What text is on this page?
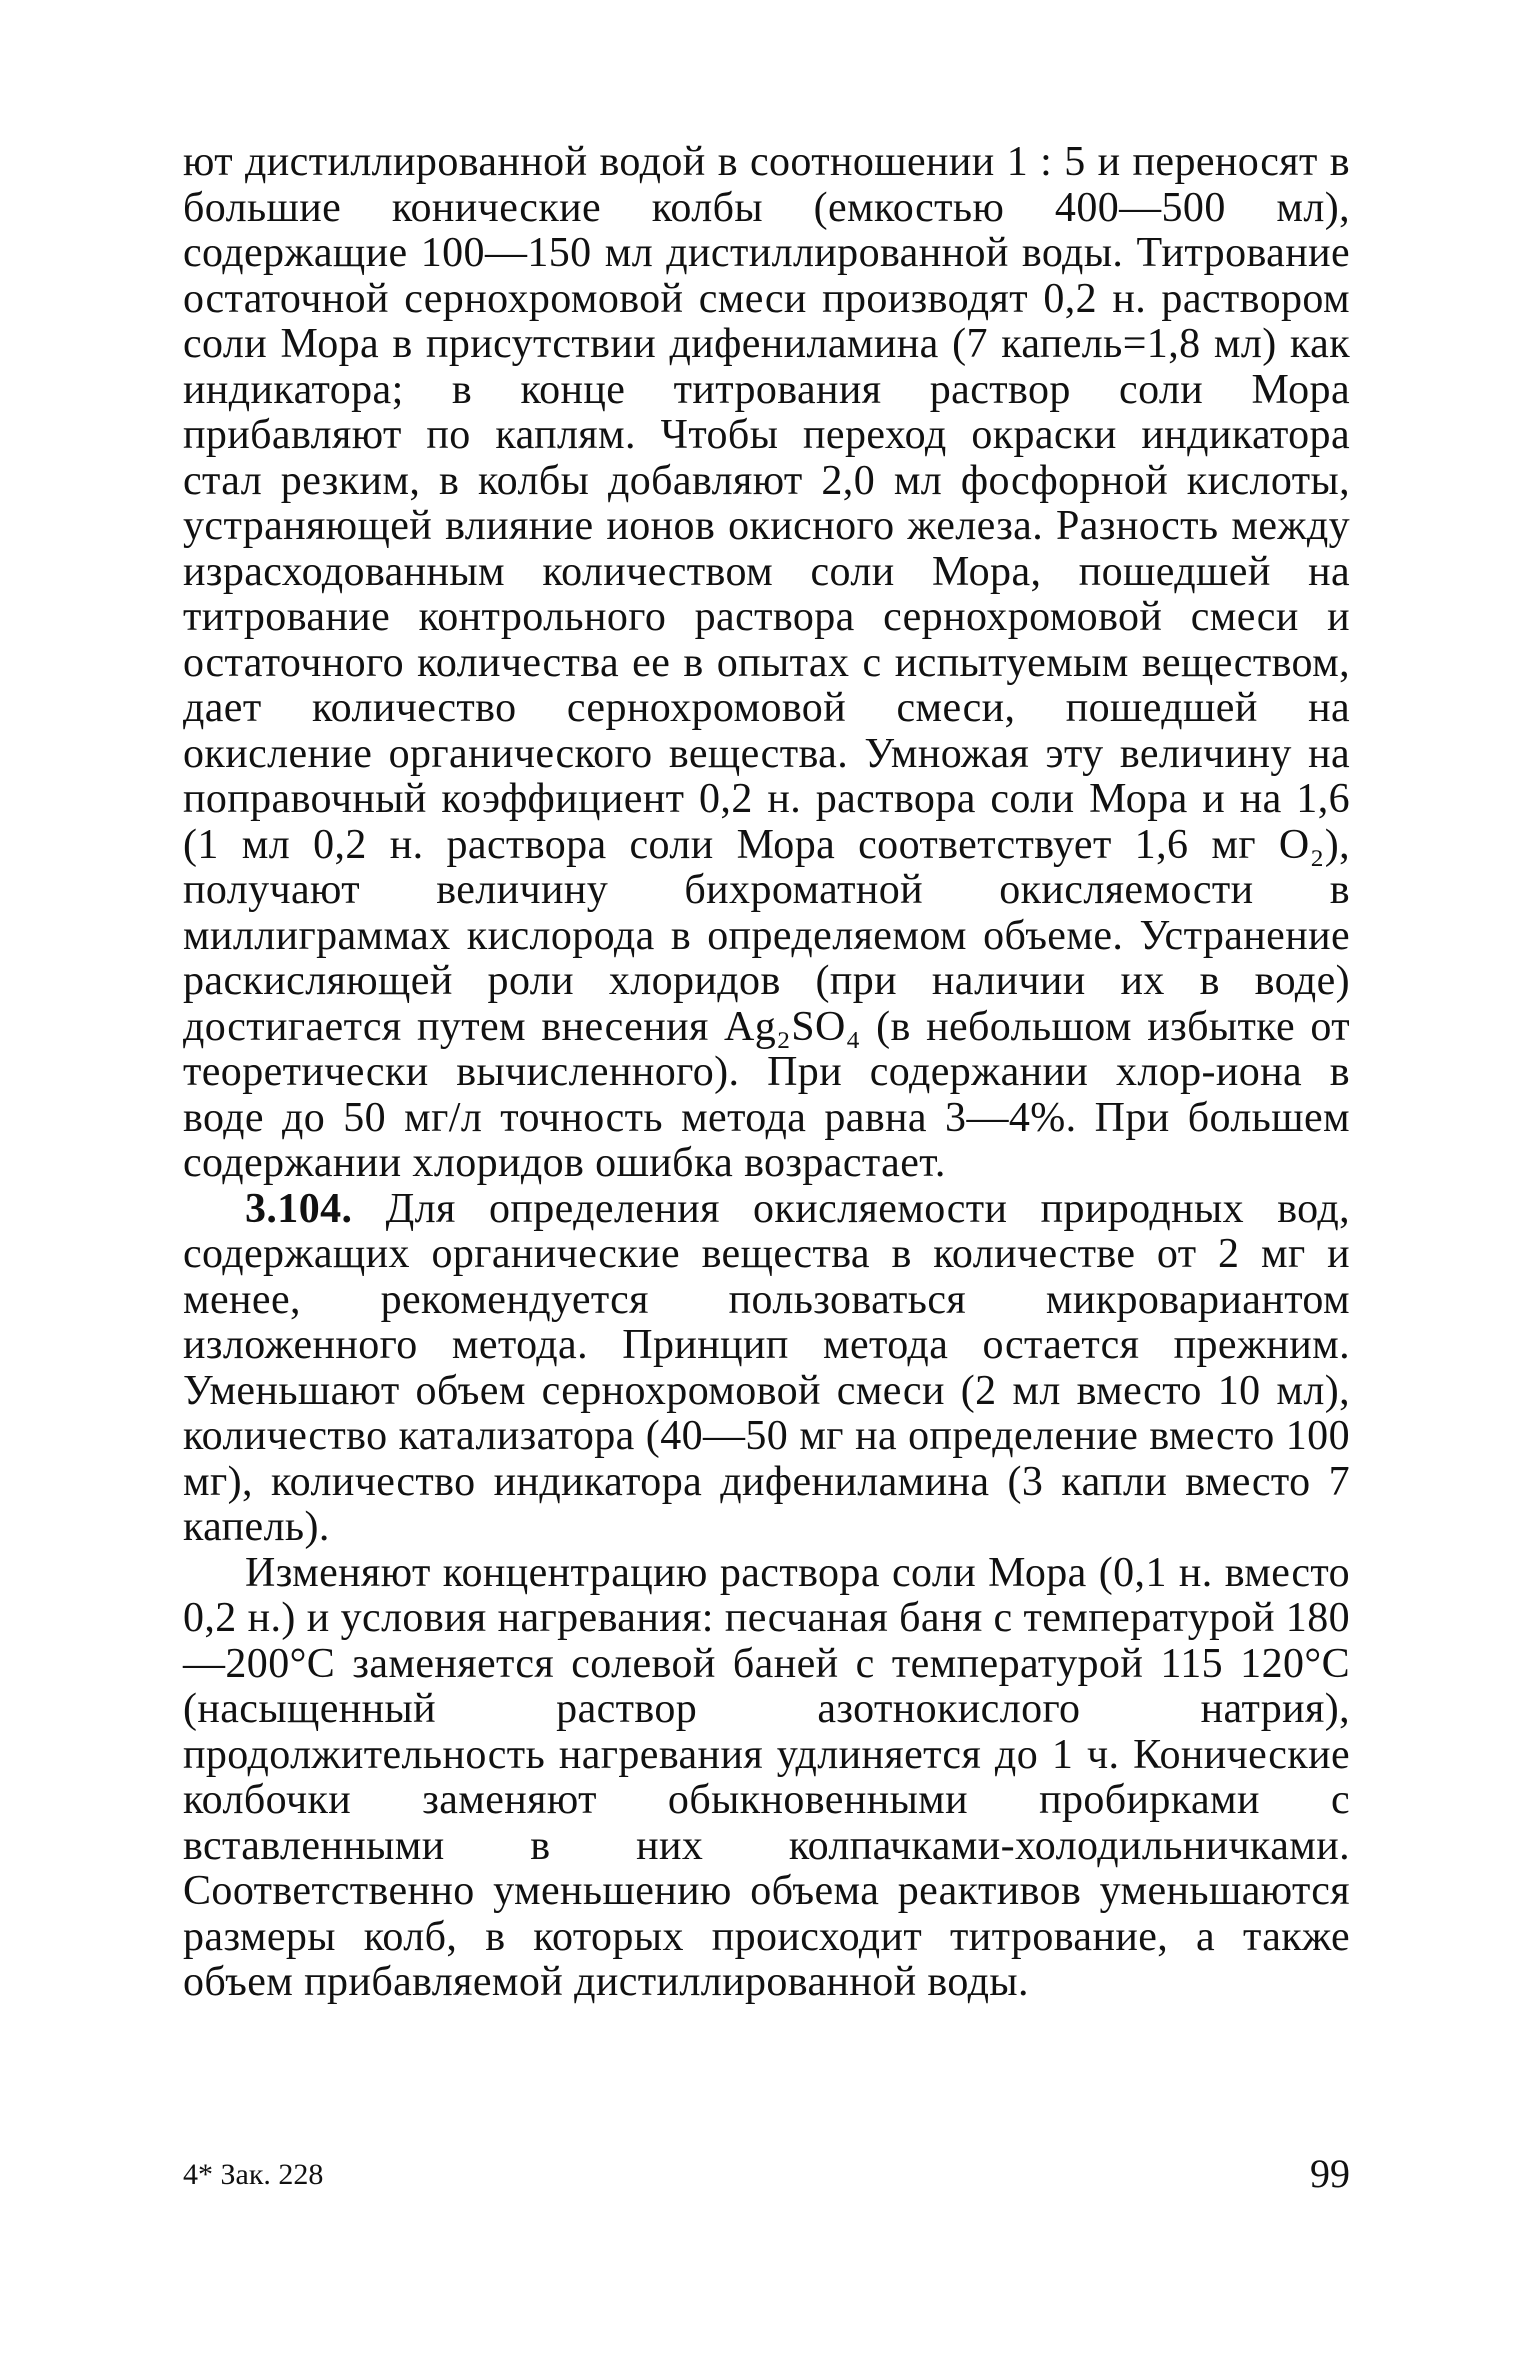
ют дистиллированной водой в соотношении 1 : 5 и переносят в большие конические колбы (емкостью 400—500 мл), содержащие 100—150 мл дистиллированной воды. Титрование остаточной сернохромовой смеси производят 0,2 н. раствором соли Мора в присутствии дифениламина (7 капель=1,8 мл) как индикатора; в конце титрования раствор соли Мора прибавляют по каплям. Чтобы переход окраски индикатора стал резким, в колбы добавляют 2,0 мл фосфорной кислоты, устраняющей влияние ионов окисного железа. Разность между израсходованным количеством соли Мора, пошедшей на титрование контрольного раствора сернохромовой смеси и остаточного количества ее в опытах с испытуемым веществом, дает количество сернохромовой смеси, пошедшей на окисление органического вещества. Умножая эту величину на поправочный коэффициент 0,2 н. раствора соли Мора и на 1,6 (1 мл 0,2 н. раствора соли Мора соответствует 1,6 мг O₂), получают величину бихроматной окисляемости в миллиграммах кислорода в определяемом объеме. Устранение раскисляющей роли хлоридов (при наличии их в воде) достигается путем внесения Ag₂SO₄ (в небольшом избытке от теоретически вычисленного). При содержании хлор-иона в воде до 50 мг/л точность метода равна 3—4%. При большем содержании хлоридов ошибка возрастает.

3.104. Для определения окисляемости природных вод, содержащих органические вещества в количестве от 2 мг и менее, рекомендуется пользоваться микровариантом изложенного метода. Принцип метода остается прежним. Уменьшают объем сернохромовой смеси (2 мл вместо 10 мл), количество катализатора (40—50 мг на определение вместо 100 мг), количество индикатора дифениламина (3 капли вместо 7 капель).

Изменяют концентрацию раствора соли Мора (0,1 н. вместо 0,2 н.) и условия нагревания: песчаная баня с температурой 180—200°С заменяется солевой баней с температурой 115 120°С (насыщенный раствор азотнокислого натрия), продолжительность нагревания удлиняется до 1 ч. Конические колбочки заменяют обыкновенными пробирками с вставленными в них колпачками-холодильничками. Соответственно уменьшению объема реактивов уменьшаются размеры колб, в которых происходит титрование, а также объем прибавляемой дистиллированной воды.

4* Зак. 228	99
